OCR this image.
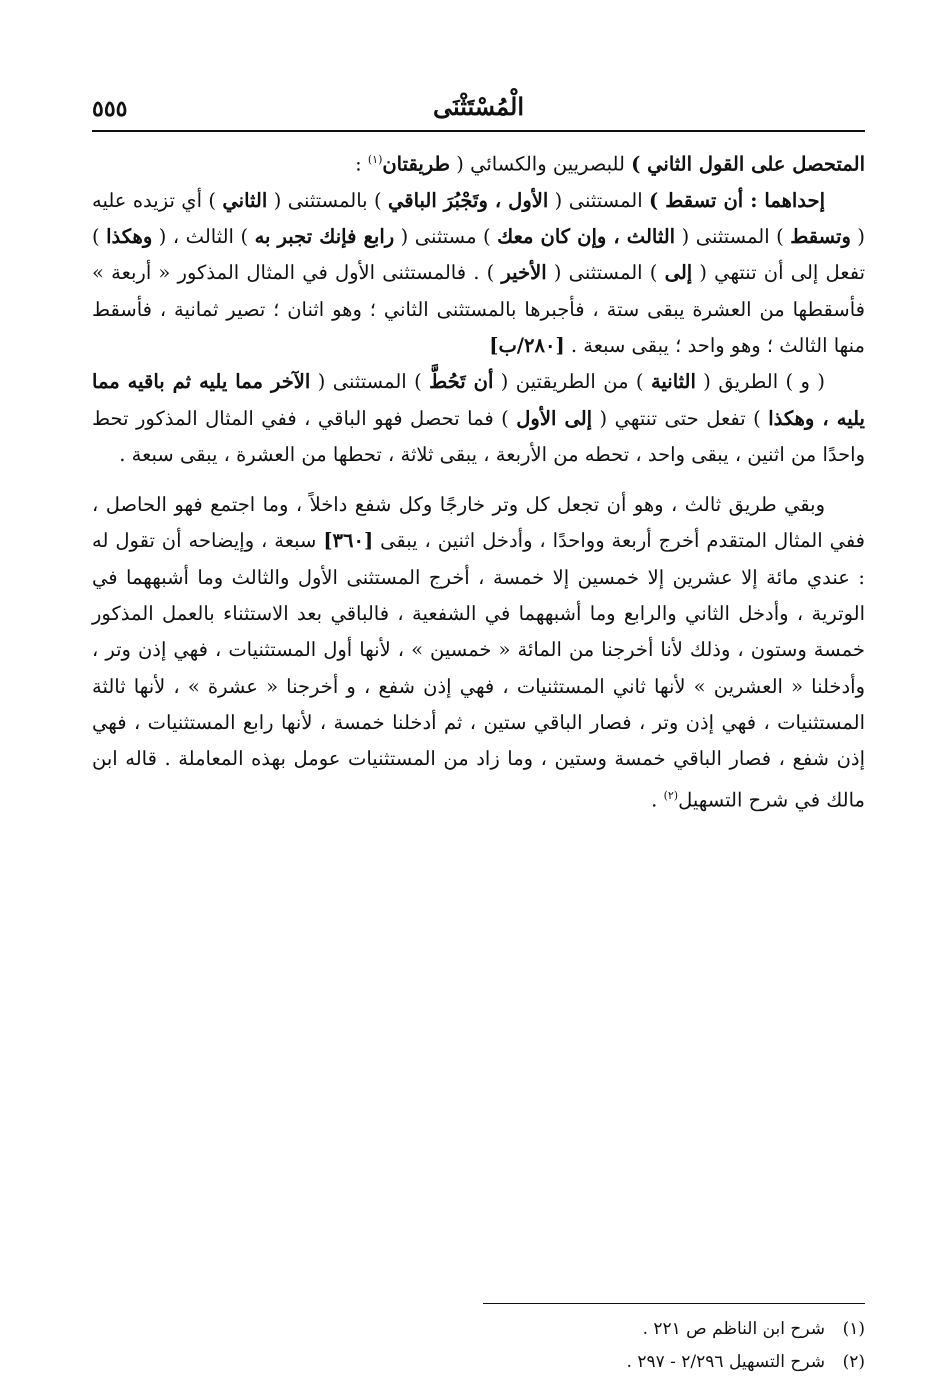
الْمُسْتَثْنَى
٥٥٥

المتحصل على القول الثاني ) للبصريين والكسائي ( طريقتان$^{(١)}$ :

إحداهما : أن تسقط ) المستثنى ( الأول ، وتَجْبُرَ الباقي ) بالمستثنى ( الثاني ) أي تزيده عليه ( وتسقط ) المستثنى ( الثالث ، وإن كان معك ) مستثنى ( رابع فإنك تجبر به ) الثالث ، ( وهكذا ) تفعل إلى أن تنتهي ( إلى ) المستثنى ( الأخير ) . فالمستثنى الأول في المثال المذكور « أربعة » فأسقطها من العشرة يبقى ستة ، فأجبرها بالمستثنى الثاني ؛ وهو اثنان ؛ تصير ثمانية ، فأسقط منها الثالث ؛ وهو واحد ؛ يبقى سبعة . [٢٨٠/ب]

( و ) الطريق ( الثانية ) من الطريقتين ( أن تَحُطَّ ) المستثنى ( الآخر مما يليه ثم باقيه مما يليه ، وهكذا ) تفعل حتى تنتهي ( إلى الأول ) فما تحصل فهو الباقي ، ففي المثال المذكور تحط واحدًا من اثنين ، يبقى واحد ، تحطه من الأربعة ، يبقى ثلاثة ، تحطها من العشرة ، يبقى سبعة .

وبقي طريق ثالث ، وهو أن تجعل كل وتر خارجًا وكل شفع داخلاً ، وما اجتمع فهو الحاصل ، ففي المثال المتقدم أخرج أربعة وواحدًا ، وأدخل اثنين ، يبقى [٣٦٠] سبعة ، وإيضاحه أن تقول له : عندي مائة إلا عشرين إلا خمسين إلا خمسة ، أخرج المستثنى الأول والثالث وما أشبههما في الوترية ، وأدخل الثاني والرابع وما أشبههما في الشفعية ، فالباقي بعد الاستثناء بالعمل المذكور خمسة وستون ، وذلك لأنا أخرجنا من المائة « خمسين » ، لأنها أول المستثنيات ، فهي إذن وتر ، وأدخلنا « العشرين » لأنها ثاني المستثنيات ، فهي إذن شفع ، و أخرجنا « عشرة » ، لأنها ثالثة المستثنيات ، فهي إذن وتر ، فصار الباقي ستين ، ثم أدخلنا خمسة ، لأنها رابع المستثنيات ، فهي إذن شفع ، فصار الباقي خمسة وستين ، وما زاد من المستثنيات عومل بهذه المعاملة . قاله ابن مالك في شرح التسهيل$^{(٢)}$ .

(١)شرح ابن الناظم ص ٢٢١ .
(٢)شرح التسهيل ٢/٢٩٦ - ٢٩٧ .
